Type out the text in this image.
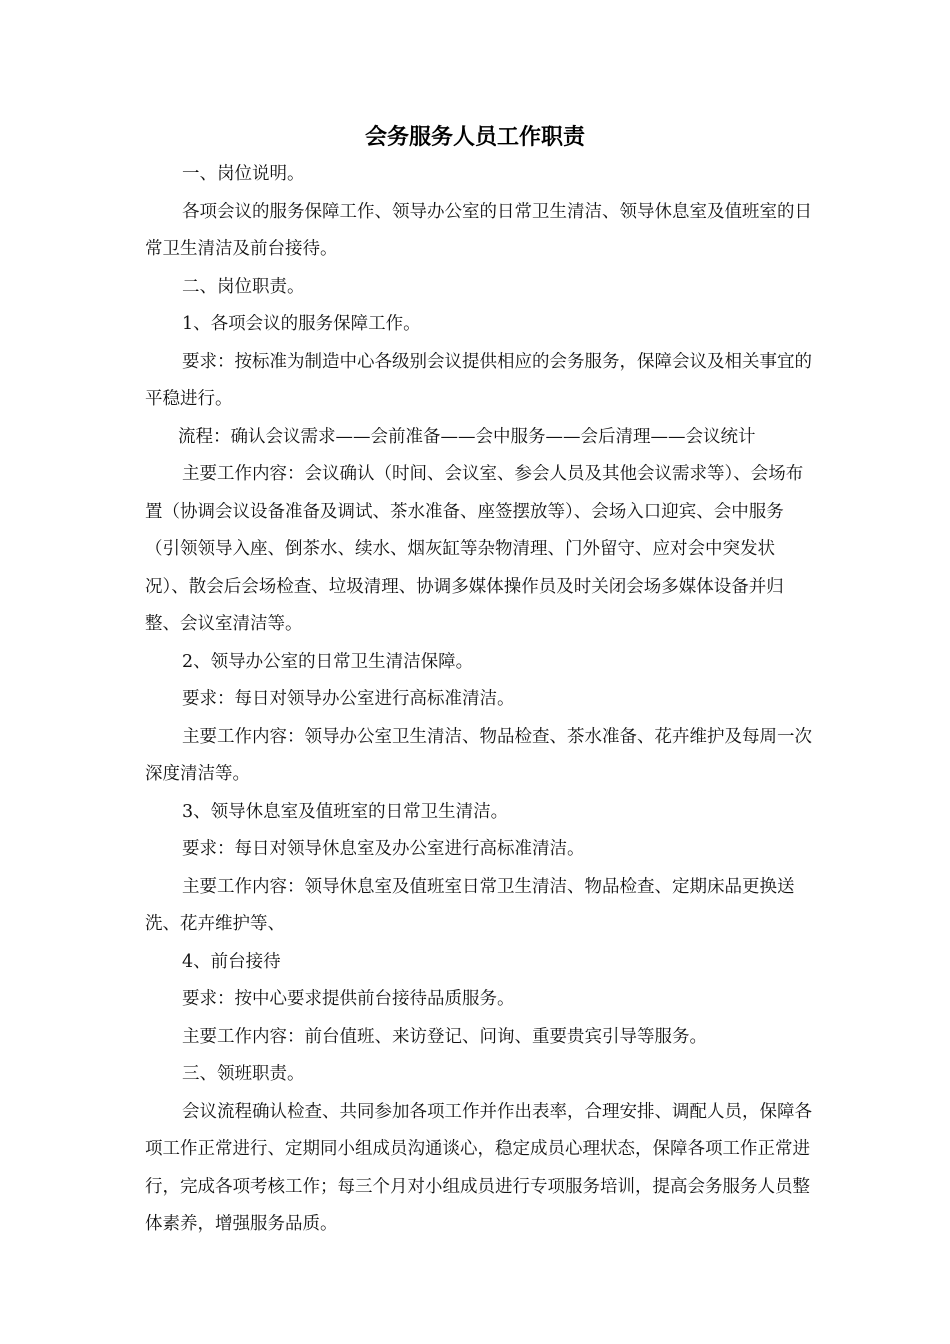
会务服务人员工作职责

一、岗位说明。

各项会议的服务保障工作、领导办公室的日常卫生清洁、领导休息室及值班室的日常卫生清洁及前台接待。

二、岗位职责。

1、各项会议的服务保障工作。

要求：按标准为制造中心各级别会议提供相应的会务服务，保障会议及相关事宜的平稳进行。

流程：确认会议需求——会前准备——会中服务——会后清理——会议统计

主要工作内容：会议确认（时间、会议室、参会人员及其他会议需求等）、会场布置（协调会议设备准备及调试、茶水准备、座签摆放等）、会场入口迎宾、会中服务（引领领导入座、倒茶水、续水、烟灰缸等杂物清理、门外留守、应对会中突发状况）、散会后会场检查、垃圾清理、协调多媒体操作员及时关闭会场多媒体设备并归整、会议室清洁等。

2、领导办公室的日常卫生清洁保障。

要求：每日对领导办公室进行高标准清洁。

主要工作内容：领导办公室卫生清洁、物品检查、茶水准备、花卉维护及每周一次深度清洁等。

3、领导休息室及值班室的日常卫生清洁。

要求：每日对领导休息室及办公室进行高标准清洁。

主要工作内容：领导休息室及值班室日常卫生清洁、物品检查、定期床品更换送洗、花卉维护等、

4、前台接待

要求：按中心要求提供前台接待品质服务。

主要工作内容：前台值班、来访登记、问询、重要贵宾引导等服务。

三、领班职责。

会议流程确认检查、共同参加各项工作并作出表率，合理安排、调配人员，保障各项工作正常进行、定期同小组成员沟通谈心，稳定成员心理状态，保障各项工作正常进行，完成各项考核工作；每三个月对小组成员进行专项服务培训，提高会务服务人员整体素养，增强服务品质。
